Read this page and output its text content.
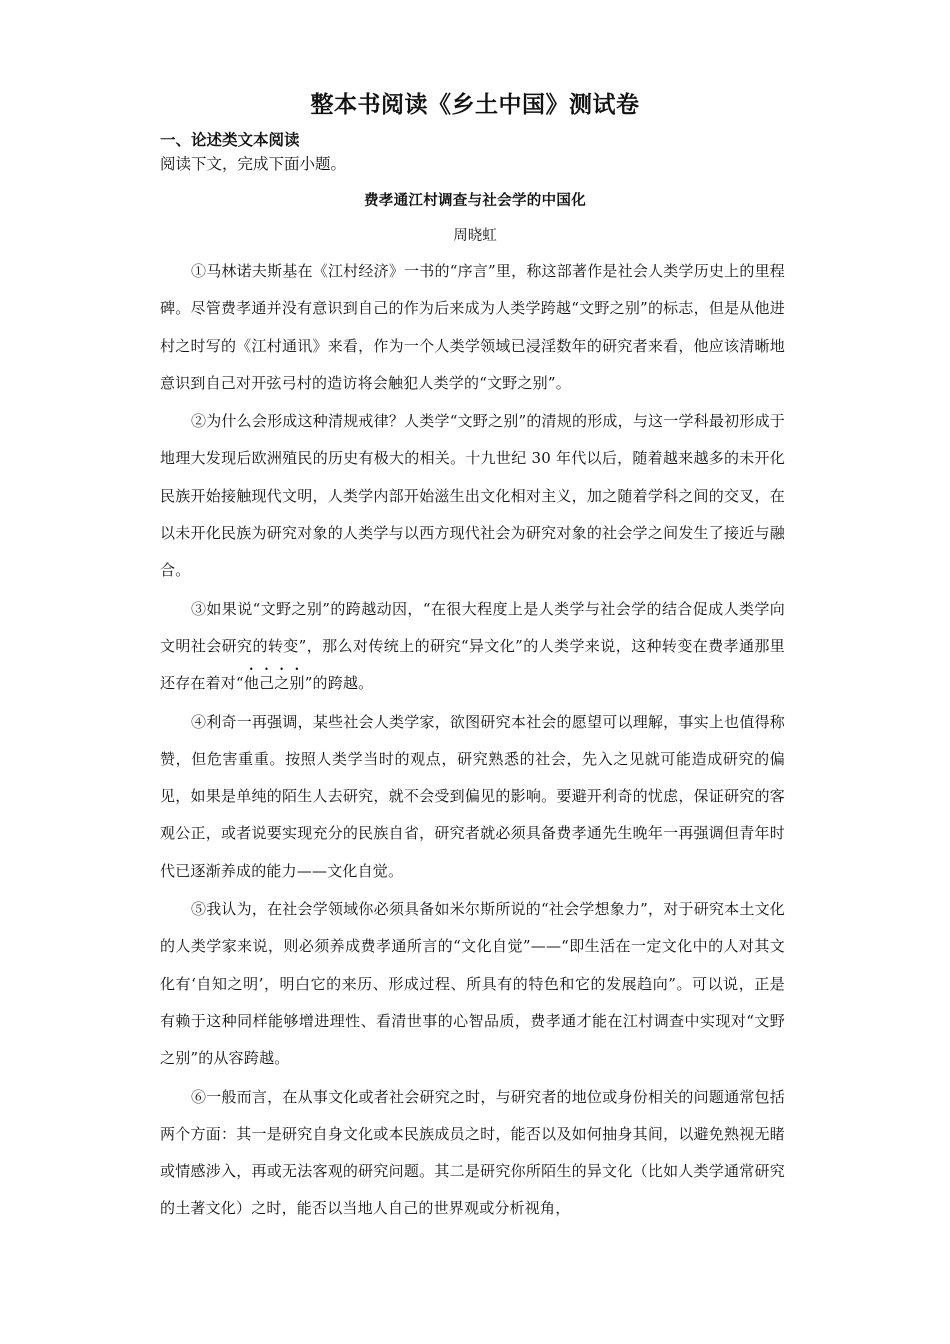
整本书阅读《乡土中国》测试卷
一、论述类文本阅读
阅读下文，完成下面小题。
费孝通江村调查与社会学的中国化
周晓虹

①马林诺夫斯基在《江村经济》一书的“序言”里，称这部著作是社会人类学历史上的里程碑。尽管费孝通并没有意识到自己的作为后来成为人类学跨越“文野之别”的标志，但是从他进村之时写的《江村通讯》来看，作为一个人类学领域已浸淫数年的研究者来看，他应该清晰地意识到自己对开弦弓村的造访将会触犯人类学的“文野之别”。

②为什么会形成这种清规戒律？人类学“文野之别”的清规的形成，与这一学科最初形成于地理大发现后欧洲殖民的历史有极大的相关。十九世纪 30 年代以后，随着越来越多的未开化民族开始接触现代文明，人类学内部开始滋生出文化相对主义，加之随着学科之间的交叉，在以未开化民族为研究对象的人类学与以西方现代社会为研究对象的社会学之间发生了接近与融合。

③如果说“文野之别”的跨越动因，“在很大程度上是人类学与社会学的结合促成人类学向文明社会研究的转变”，那么对传统上的研究“异文化”的人类学来说，这种转变在费孝通那里还存在着对“他己之别”的跨越。

④利奇一再强调，某些社会人类学家，欲图研究本社会的愿望可以理解，事实上也值得称赞，但危害重重。按照人类学当时的观点，研究熟悉的社会，先入之见就可能造成研究的偏见，如果是单纯的陌生人去研究，就不会受到偏见的影响。要避开利奇的忧虑，保证研究的客观公正，或者说要实现充分的民族自省，研究者就必须具备费孝通先生晚年一再强调但青年时代已逐渐养成的能力——文化自觉。

⑤我认为，在社会学领域你必须具备如米尔斯所说的“社会学想象力”，对于研究本土文化的人类学家来说，则必须养成费孝通所言的“文化自觉”——“即生活在一定文化中的人对其文化有‘自知之明’，明白它的来历、形成过程、所具有的特色和它的发展趋向”。可以说，正是有赖于这种同样能够增进理性、看清世事的心智品质，费孝通才能在江村调查中实现对“文野之别”的从容跨越。

⑥一般而言，在从事文化或者社会研究之时，与研究者的地位或身份相关的问题通常包括两个方面：其一是研究自身文化或本民族成员之时，能否以及如何抽身其间，以避免熟视无睹或情感涉入，再或无法客观的研究问题。其二是研究你所陌生的异文化（比如人类学通常研究的土著文化）之时，能否以当地人自己的世界观或分析视角，
